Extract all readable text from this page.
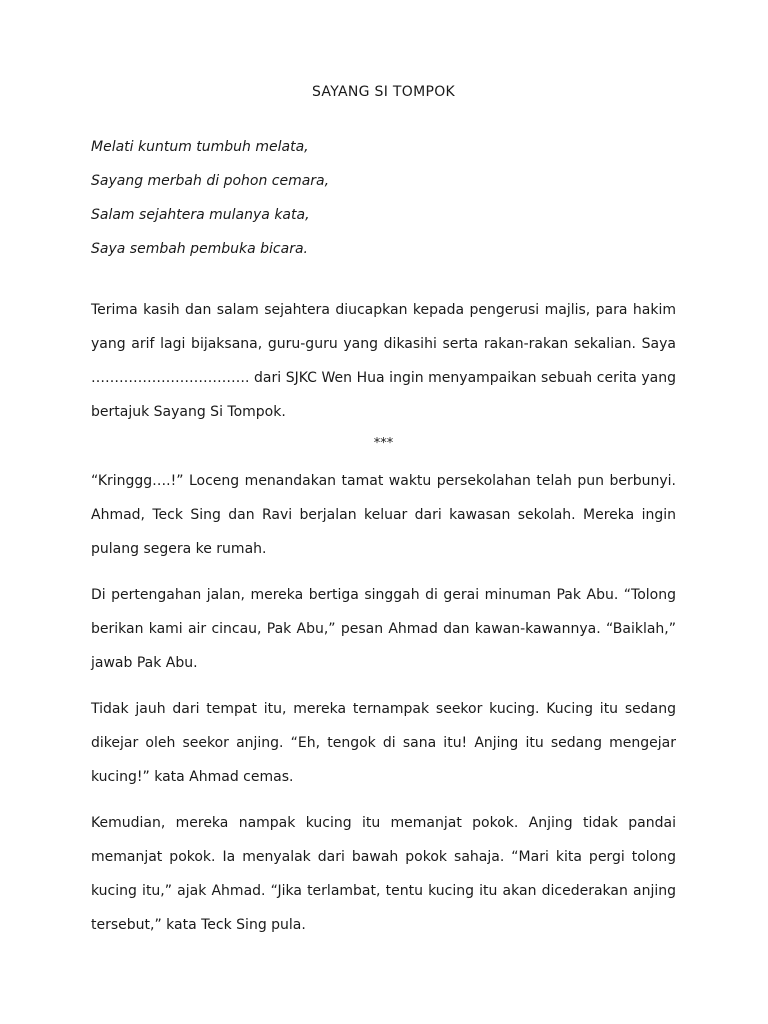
SAYANG SI TOMPOK
Melati kuntum tumbuh melata,
Sayang merbah di pohon cemara,
Salam sejahtera mulanya kata,
Saya sembah pembuka bicara.

Terima kasih dan salam sejahtera diucapkan kepada pengerusi majlis, para hakim yang arif lagi bijaksana, guru-guru yang dikasihi serta rakan-rakan sekalian. Saya ……………………………. dari SJKC Wen Hua ingin menyampaikan sebuah cerita yang bertajuk Sayang Si Tompok.

***

“Kringgg….!” Loceng menandakan tamat waktu persekolahan telah pun berbunyi. Ahmad, Teck Sing dan Ravi berjalan keluar dari kawasan sekolah. Mereka ingin pulang segera ke rumah.

Di pertengahan jalan, mereka bertiga singgah di gerai minuman Pak Abu. “Tolong berikan kami air cincau, Pak Abu,” pesan Ahmad dan kawan-kawannya. “Baiklah,” jawab Pak Abu.

Tidak jauh dari tempat itu, mereka ternampak seekor kucing. Kucing itu sedang dikejar oleh seekor anjing. “Eh, tengok di sana itu! Anjing itu sedang mengejar kucing!” kata Ahmad cemas.

Kemudian, mereka nampak kucing itu memanjat pokok. Anjing tidak pandai memanjat pokok. Ia menyalak dari bawah pokok sahaja. “Mari kita pergi tolong kucing itu,” ajak Ahmad. “Jika terlambat, tentu kucing itu akan dicederakan anjing tersebut,” kata Teck Sing pula.
